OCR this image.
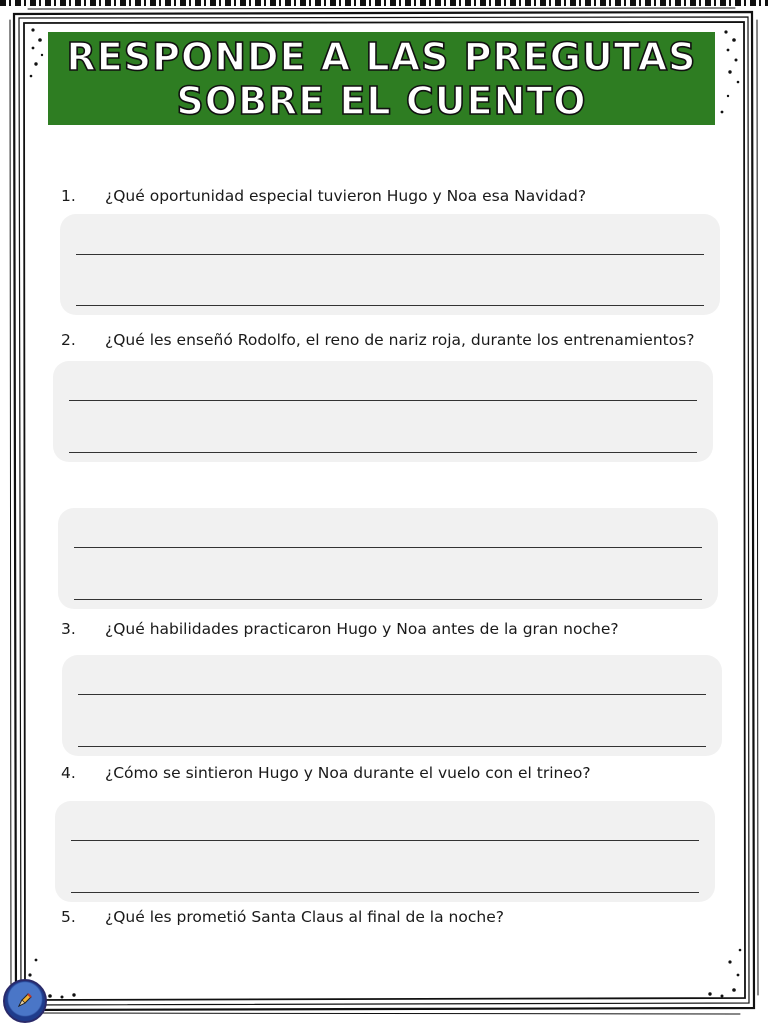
RESPONDE A LAS PREGUTAS
SOBRE EL CUENTO
1. ¿Qué oportunidad especial tuvieron Hugo y Noa esa Navidad?
2. ¿Qué les enseñó Rodolfo, el reno de nariz roja, durante los entrenamientos?
3. ¿Qué habilidades practicaron Hugo y Noa antes de la gran noche?
4. ¿Cómo se sintieron Hugo y Noa durante el vuelo con el trineo?
5. ¿Qué les prometió Santa Claus al final de la noche?
